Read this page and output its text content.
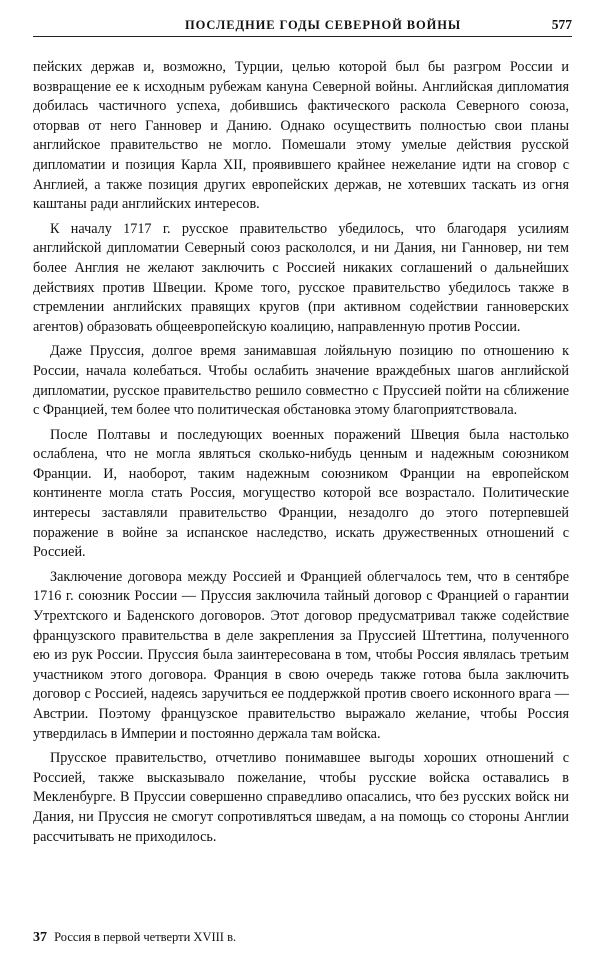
ПОСЛЕДНИЕ ГОДЫ СЕВЕРНОЙ ВОЙНЫ	577

пейских держав и, возможно, Турции, целью которой был бы разгром России и возвращение ее к исходным рубежам кануна Северной войны. Английская дипломатия добилась частичного успеха, добившись фактического раскола Северного союза, оторвав от него Ганновер и Данию. Однако осуществить полностью свои планы английское правительство не могло. Помешали этому умелые действия русской дипломатии и позиция Карла XII, проявившего крайнее нежелание идти на сговор с Англией, а также позиция других европейских держав, не хотевших таскать из огня каштаны ради английских интересов.

К началу 1717 г. русское правительство убедилось, что благодаря усилиям английской дипломатии Северный союз раскололся, и ни Дания, ни Ганновер, ни тем более Англия не желают заключить с Россией никаких соглашений о дальнейших действиях против Швеции. Кроме того, русское правительство убедилось также в стремлении английских правящих кругов (при активном содействии ганноверских агентов) образовать общеевропейскую коалицию, направленную против России.

Даже Пруссия, долгое время занимавшая лойяльную позицию по отношению к России, начала колебаться. Чтобы ослабить значение враждебных шагов английской дипломатии, русское правительство решило совместно с Пруссией пойти на сближение с Францией, тем более что политическая обстановка этому благоприятствовала.

После Полтавы и последующих военных поражений Швеция была настолько ослаблена, что не могла являться сколько-нибудь ценным и надежным союзником Франции. И, наоборот, таким надежным союзником Франции на европейском континенте могла стать Россия, могущество которой все возрастало. Политические интересы заставляли правительство Франции, незадолго до этого потерпевшей поражение в войне за испанское наследство, искать дружественных отношений с Россией.

Заключение договора между Россией и Францией облегчалось тем, что в сентябре 1716 г. союзник России — Пруссия заключила тайный договор с Францией о гарантии Утрехтского и Баденского договоров. Этот договор предусматривал также содействие французского правительства в деле закрепления за Пруссией Штеттина, полученного ею из рук России. Пруссия была заинтересована в том, чтобы Россия являлась третьим участником этого договора. Франция в свою очередь также готова была заключить договор с Россией, надеясь заручиться ее поддержкой против своего исконного врага — Австрии. Поэтому французское правительство выражало желание, чтобы Россия утвердилась в Империи и постоянно держала там войска.

Прусское правительство, отчетливо понимавшее выгоды хороших отношений с Россией, также высказывало пожелание, чтобы русские войска оставались в Мекленбурге. В Пруссии совершенно справедливо опасались, что без русских войск ни Дания, ни Пруссия не смогут сопротивляться шведам, а на помощь со стороны Англии рассчитывать не приходилось.

37 Россия в первой четверти XVIII в.
